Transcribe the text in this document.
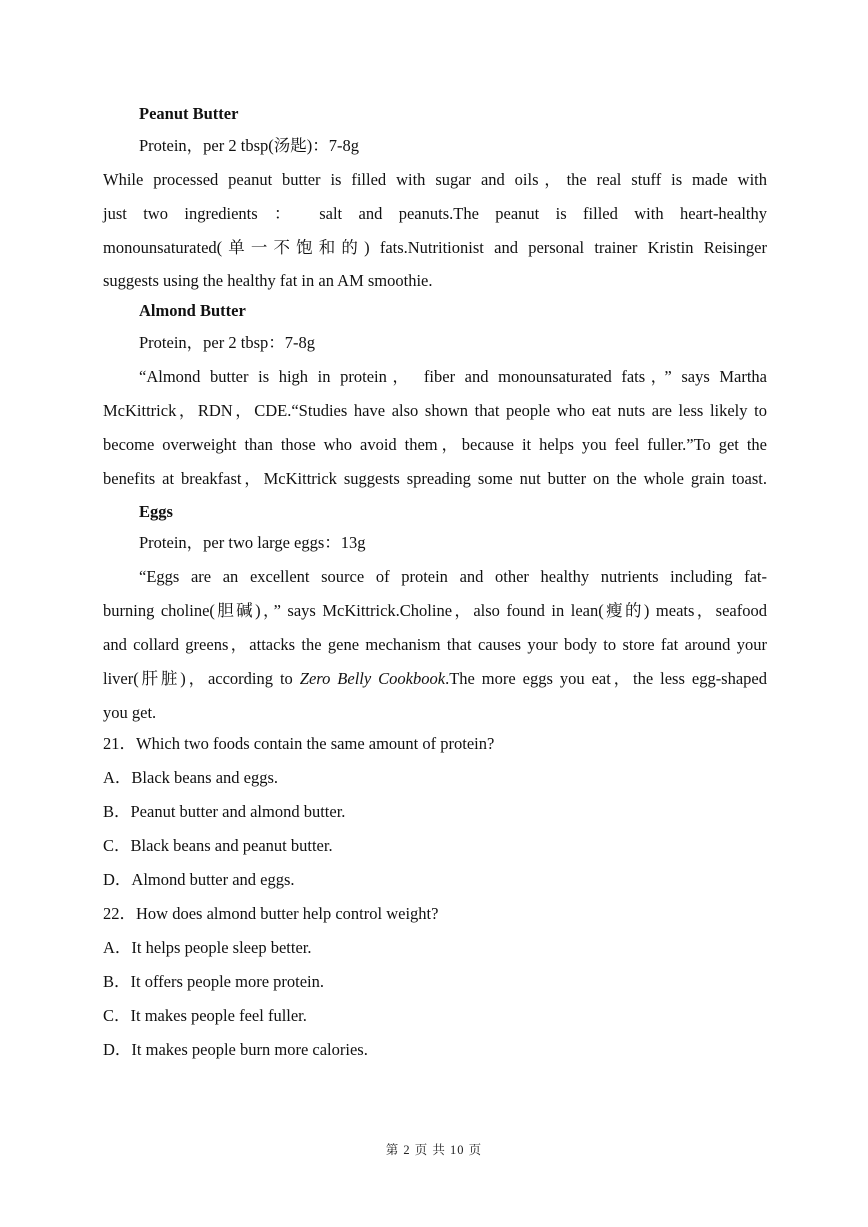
Peanut Butter
Protein，per 2 tbsp(汤匙)：7-8g
While processed peanut butter is filled with sugar and oils，the real stuff is made with
just two ingredients ： salt and peanuts.The peanut is filled with heart-healthy
monounsaturated(单一不饱和的) fats.Nutritionist and personal trainer Kristin Reisinger
suggests using the healthy fat in an AM smoothie.
Almond Butter
Protein，per 2 tbsp：7-8g
“Almond butter is high in protein， fiber and monounsaturated fats，” says Martha
McKittrick，RDN，CDE.“Studies have also shown that people who eat nuts are less likely to
become overweight than those who avoid them，because it helps you feel fuller.”To get the
benefits at breakfast，McKittrick suggests spreading some nut butter on the whole grain toast.
Eggs
Protein，per two large eggs：13g
“Eggs are an excellent source of protein and other healthy nutrients including fat-
burning choline(胆碱)，” says McKittrick.Choline，also found in lean(瘦的) meats，seafood
and collard greens，attacks the gene mechanism that causes your body to store fat around your
liver(肝脏)，according to Zero Belly Cookbook.The more eggs you eat，the less egg-shaped
you get.
21．Which two foods contain the same amount of protein?
A．Black beans and eggs.
B．Peanut butter and almond butter.
C．Black beans and peanut butter.
D．Almond butter and eggs.
22．How does almond butter help control weight?
A．It helps people sleep better.
B．It offers people more protein.
C．It makes people feel fuller.
D．It makes people burn more calories.
第 2 页 共 10 页
